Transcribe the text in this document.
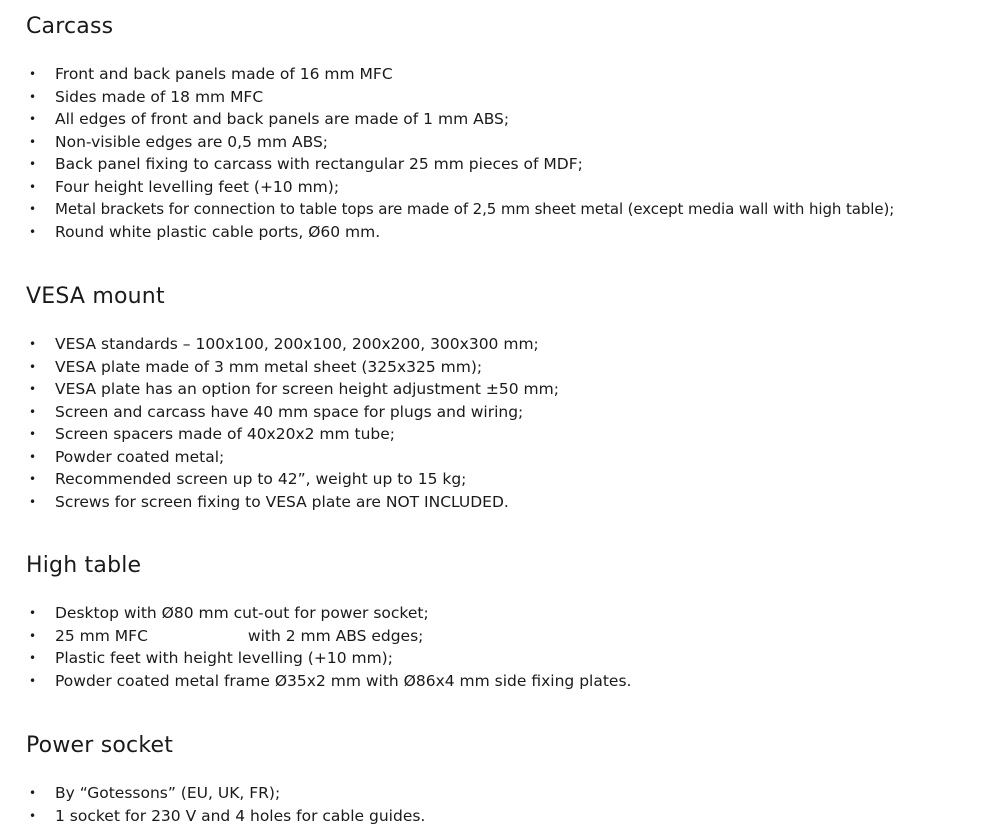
Carcass
• Front and back panels made of 16 mm MFC
• Sides made of 18 mm MFC
• All edges of front and back panels are made of 1 mm ABS;
• Non-visible edges are 0,5 mm ABS;
• Back panel fixing to carcass with rectangular 25 mm pieces of MDF;
• Four height levelling feet (+10 mm);
• Metal brackets for connection to table tops are made of 2,5 mm sheet metal (except media wall with high table);
• Round white plastic cable ports, Ø60 mm.
VESA mount
• VESA standards – 100x100, 200x100, 200x200, 300x300 mm;
• VESA plate made of 3 mm metal sheet (325x325 mm);
• VESA plate has an option for screen height adjustment ±50 mm;
• Screen and carcass have 40 mm space for plugs and wiring;
• Screen spacers made of 40x20x2 mm tube;
• Powder coated metal;
• Recommended screen up to 42”, weight up to 15 kg;
• Screws for screen fixing to VESA plate are NOT INCLUDED.
High table
• Desktop with Ø80 mm cut-out for power socket;
• 25 mm MFC	with 2 mm ABS edges;
• Plastic feet with height levelling (+10 mm);
• Powder coated metal frame Ø35x2 mm with Ø86x4 mm side fixing plates.
Power socket
• By “Gotessons” (EU, UK, FR);
• 1 socket for 230 V and 4 holes for cable guides.
